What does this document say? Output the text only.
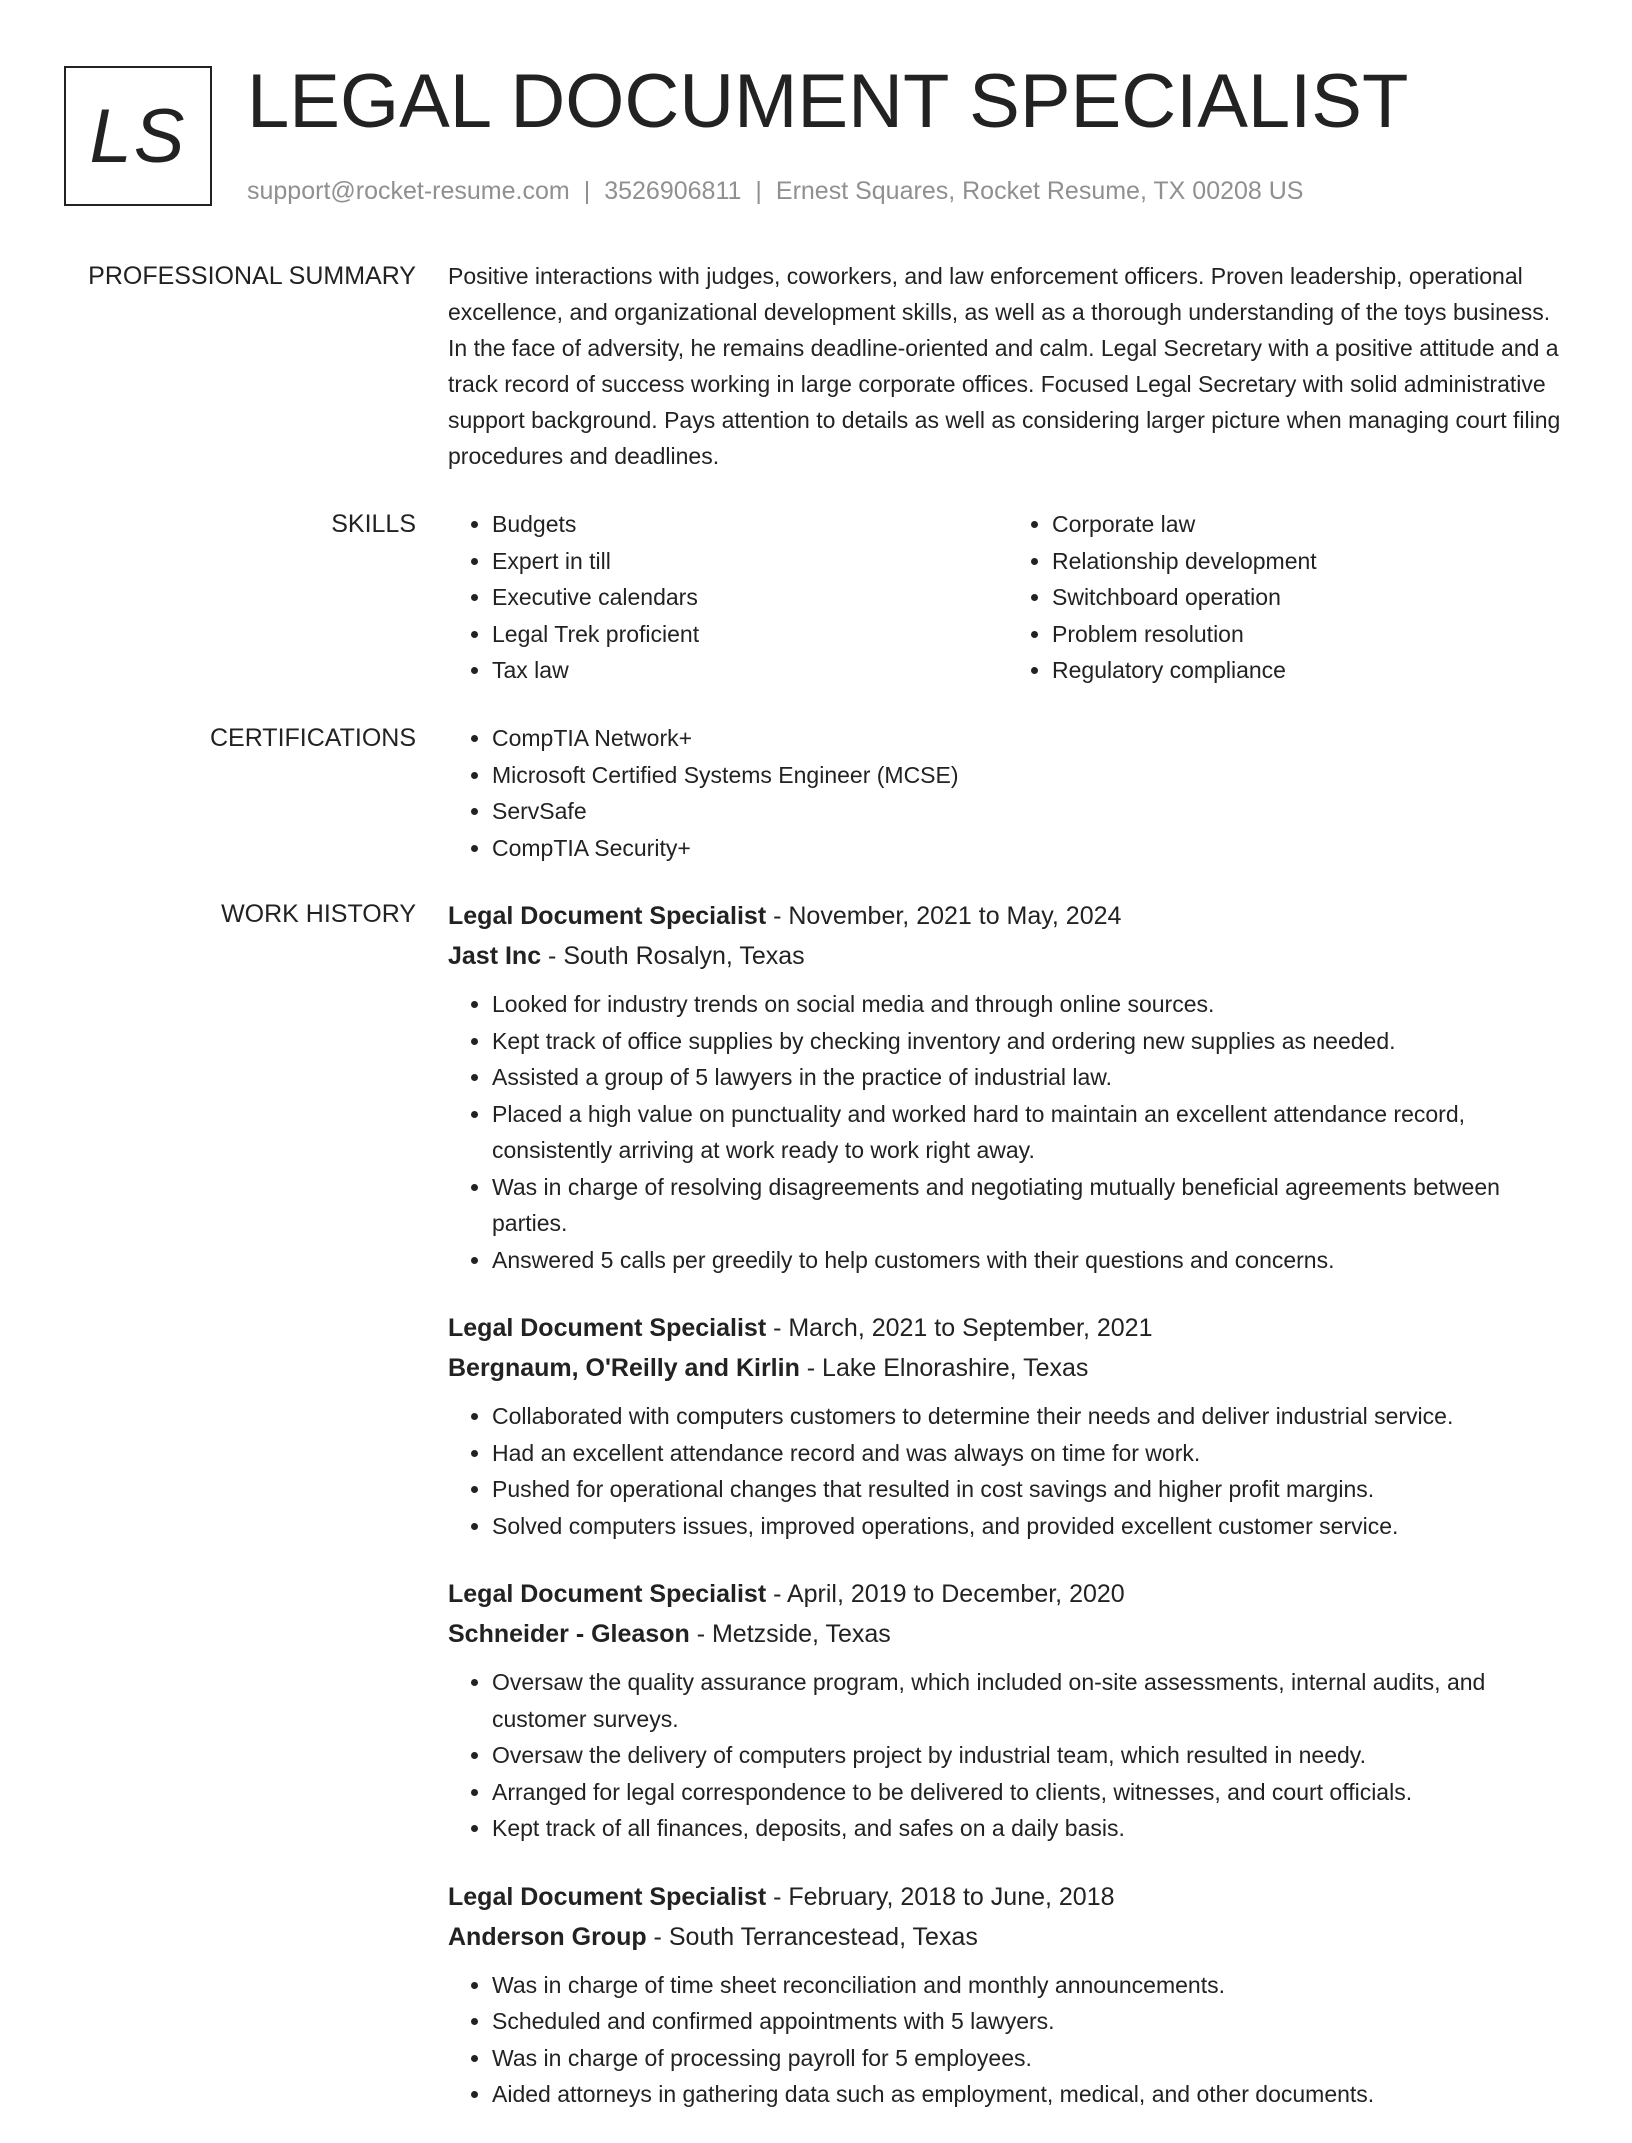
LS LEGAL DOCUMENT SPECIALIST
support@rocket-resume.com | 3526906811 | Ernest Squares, Rocket Resume, TX 00208 US
PROFESSIONAL SUMMARY Positive interactions with judges, coworkers, and law enforcement officers. Proven leadership, operational excellence, and organizational development skills, as well as a thorough understanding of the toys business. In the face of adversity, he remains deadline-oriented and calm. Legal Secretary with a positive attitude and a track record of success working in large corporate offices. Focused Legal Secretary with solid administrative support background. Pays attention to details as well as considering larger picture when managing court filing procedures and deadlines.

SKILLS	• Budgets
• Expert in till
• Executive calendars
• Legal Trek proficient
• Tax law
• Corporate law
• Relationship development
• Switchboard operation
• Problem resolution
• Regulatory compliance
CERTIFICATIONS	• CompTIA Network+
• Microsoft Certified Systems Engineer (MCSE)
• ServSafe
• CompTIA Security+
WORK HISTORY Legal Document Specialist - November, 2021 to May, 2024
Jast Inc - South Rosalyn, Texas
• Looked for industry trends on social media and through online sources.
• Kept track of office supplies by checking inventory and ordering new supplies as needed.
• Assisted a group of 5 lawyers in the practice of industrial law.
• Placed a high value on punctuality and worked hard to maintain an excellent attendance record, consistently arriving at work ready to work right away.
• Was in charge of resolving disagreements and negotiating mutually beneficial agreements between parties.
• Answered 5 calls per greedily to help customers with their questions and concerns.
Legal Document Specialist - March, 2021 to September, 2021
Bergnaum, O'Reilly and Kirlin - Lake Elnorashire, Texas
• Collaborated with computers customers to determine their needs and deliver industrial service.
• Had an excellent attendance record and was always on time for work.
• Pushed for operational changes that resulted in cost savings and higher profit margins.
• Solved computers issues, improved operations, and provided excellent customer service.
Legal Document Specialist - April, 2019 to December, 2020
Schneider - Gleason - Metzside, Texas
• Oversaw the quality assurance program, which included on-site assessments, internal audits, and customer surveys.
• Oversaw the delivery of computers project by industrial team, which resulted in needy.
• Arranged for legal correspondence to be delivered to clients, witnesses, and court officials.
• Kept track of all finances, deposits, and safes on a daily basis.
Legal Document Specialist - February, 2018 to June, 2018
Anderson Group - South Terrancestead, Texas
• Was in charge of time sheet reconciliation and monthly announcements.
• Scheduled and confirmed appointments with 5 lawyers.
• Was in charge of processing payroll for 5 employees.
• Aided attorneys in gathering data such as employment, medical, and other documents.
